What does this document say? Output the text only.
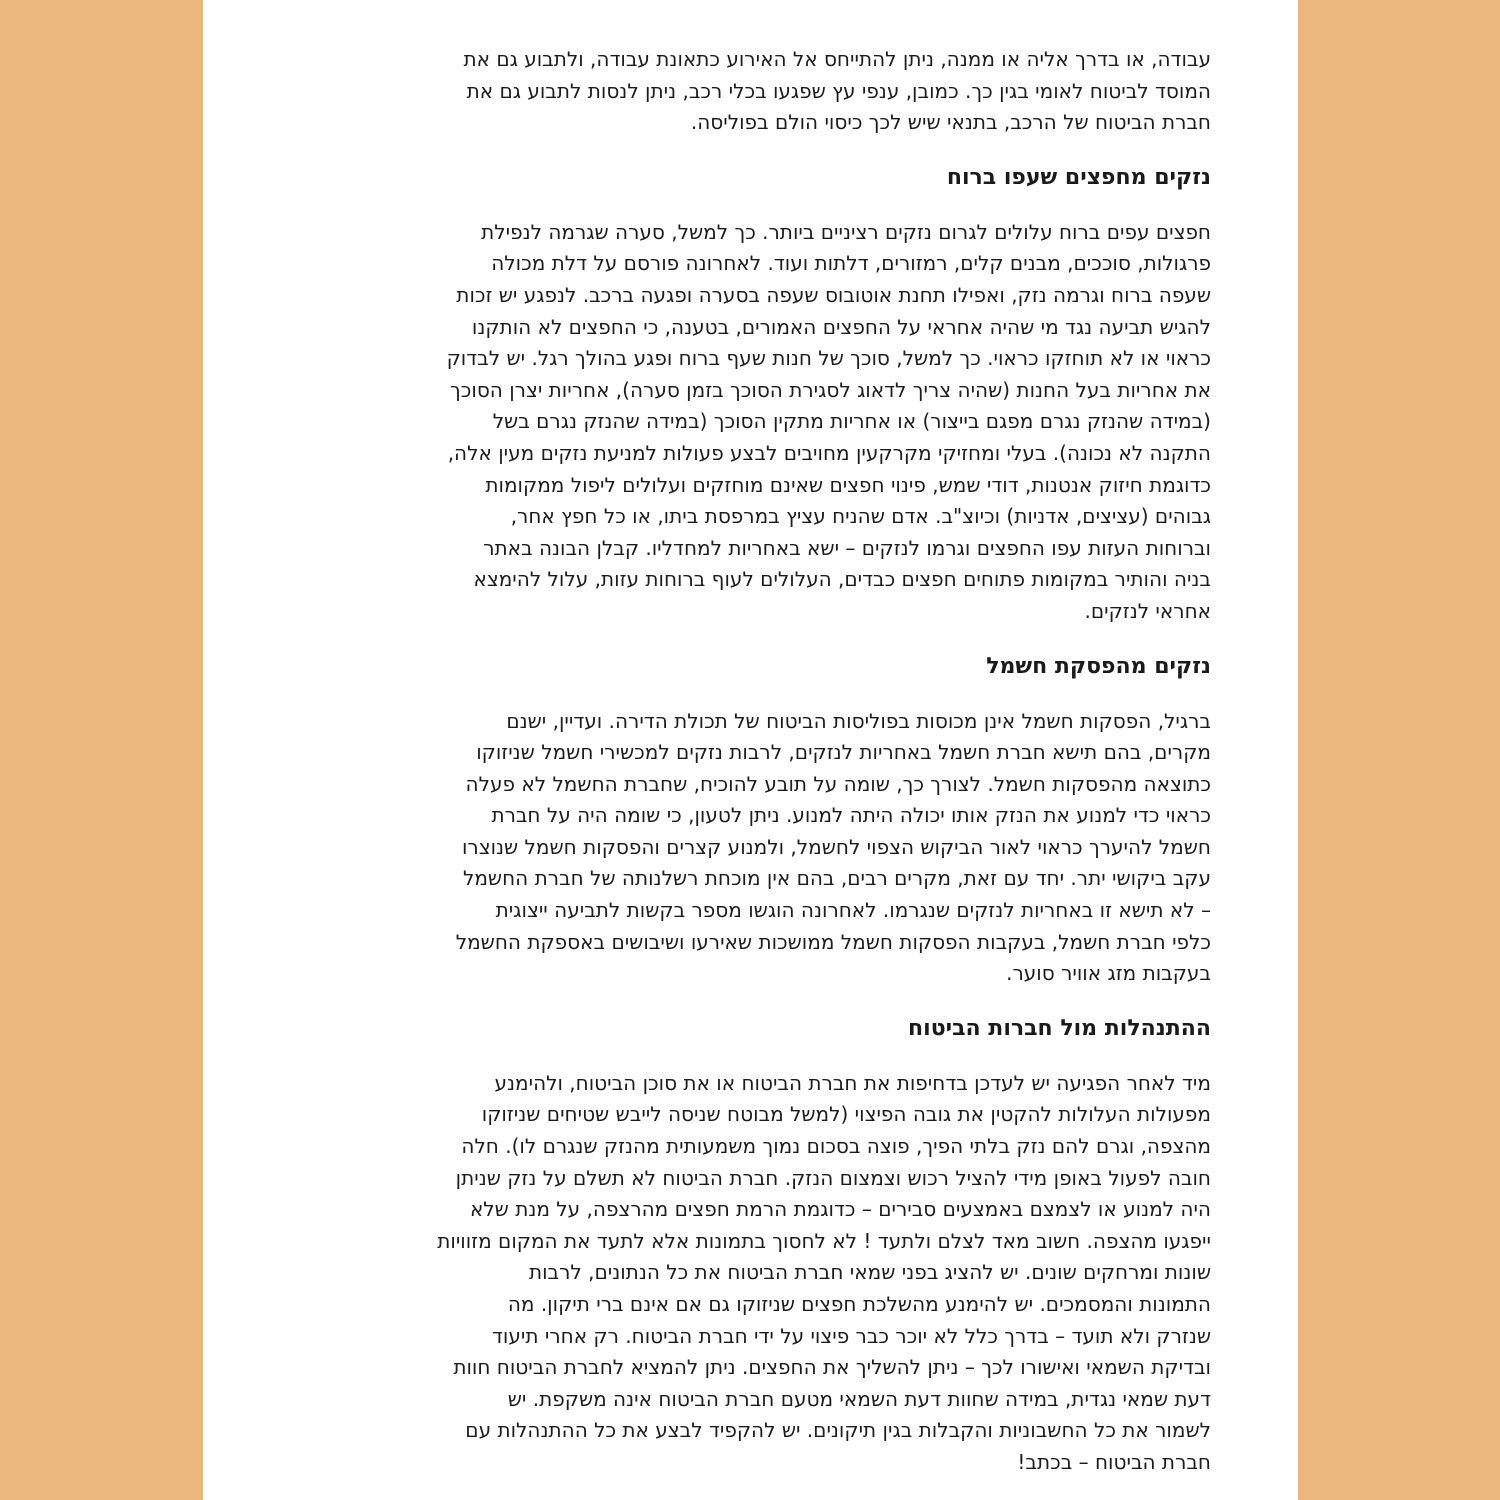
עבודה, או בדרך אליה או ממנה, ניתן להתייחס אל האירוע כתאונת עבודה, ולתבוע גם את
המוסד לביטוח לאומי בגין כך. כמובן, ענפי עץ שפגעו בכלי רכב, ניתן לנסות לתבוע גם את
חברת הביטוח של הרכב, בתנאי שיש לכך כיסוי הולם בפוליסה.

נזקים מחפצים שעפו ברוח

חפצים עפים ברוח עלולים לגרום נזקים רציניים ביותר. כך למשל, סערה שגרמה לנפילת
פרגולות, סוככים, מבנים קלים, רמזורים, דלתות ועוד. לאחרונה פורסם על דלת מכולה
שעפה ברוח וגרמה נזק, ואפילו תחנת אוטובוס שעפה בסערה ופגעה ברכב. לנפגע יש זכות
להגיש תביעה נגד מי שהיה אחראי על החפצים האמורים, בטענה, כי החפצים לא הותקנו
כראוי או לא תוחזקו כראוי. כך למשל, סוכך של חנות שעף ברוח ופגע בהולך רגל. יש לבדוק
את אחריות בעל החנות (שהיה צריך לדאוג לסגירת הסוכך בזמן סערה), אחריות יצרן הסוכך
(במידה שהנזק נגרם מפגם בייצור) או אחריות מתקין הסוכך (במידה שהנזק נגרם בשל
התקנה לא נכונה). בעלי ומחזיקי מקרקעין מחויבים לבצע פעולות למניעת נזקים מעין אלה,
כדוגמת חיזוק אנטנות, דודי שמש, פינוי חפצים שאינם מוחזקים ועלולים ליפול ממקומות
גבוהים (עציצים, אדניות) וכיוצ"ב. אדם שהניח עציץ במרפסת ביתו, או כל חפץ אחר,
וברוחות העזות עפו החפצים וגרמו לנזקים – ישא באחריות למחדליו. קבלן הבונה באתר
בניה והותיר במקומות פתוחים חפצים כבדים, העלולים לעוף ברוחות עזות, עלול להימצא
אחראי לנזקים.

נזקים מהפסקת חשמל

ברגיל, הפסקות חשמל אינן מכוסות בפוליסות הביטוח של תכולת הדירה. ועדיין, ישנם
מקרים, בהם תישא חברת חשמל באחריות לנזקים, לרבות נזקים למכשירי חשמל שניזוקו
כתוצאה מהפסקות חשמל. לצורך כך, שומה על תובע להוכיח, שחברת החשמל לא פעלה
כראוי כדי למנוע את הנזק אותו יכולה היתה למנוע. ניתן לטעון, כי שומה היה על חברת
חשמל להיערך כראוי לאור הביקוש הצפוי לחשמל, ולמנוע קצרים והפסקות חשמל שנוצרו
עקב ביקושי יתר. יחד עם זאת, מקרים רבים, בהם אין מוכחת רשלנותה של חברת החשמל
– לא תישא זו באחריות לנזקים שנגרמו. לאחרונה הוגשו מספר בקשות לתביעה ייצוגית
כלפי חברת חשמל, בעקבות הפסקות חשמל ממושכות שאירעו ושיבושים באספקת החשמל
בעקבות מזג אוויר סוער.

ההתנהלות מול חברות הביטוח

מיד לאחר הפגיעה יש לעדכן בדחיפות את חברת הביטוח או את סוכן הביטוח, ולהימנע
מפעולות העלולות להקטין את גובה הפיצוי (למשל מבוטח שניסה לייבש שטיחים שניזוקו
מהצפה, וגרם להם נזק בלתי הפיך, פוצה בסכום נמוך משמעותית מהנזק שנגרם לו). חלה
חובה לפעול באופן מידי להציל רכוש וצמצום הנזק. חברת הביטוח לא תשלם על נזק שניתן
היה למנוע או לצמצם באמצעים סבירים – כדוגמת הרמת חפצים מהרצפה, על מנת שלא
ייפגעו מהצפה. חשוב מאד לצלם ולתעד ! לא לחסוך בתמונות אלא לתעד את המקום מזוויות
שונות ומרחקים שונים. יש להציג בפני שמאי חברת הביטוח את כל הנתונים, לרבות
התמונות והמסמכים. יש להימנע מהשלכת חפצים שניזוקו גם אם אינם ברי תיקון. מה
שנזרק ולא תועד – בדרך כלל לא יוכר כבר פיצוי על ידי חברת הביטוח. רק אחרי תיעוד
ובדיקת השמאי ואישורו לכך – ניתן להשליך את החפצים. ניתן להמציא לחברת הביטוח חוות
דעת שמאי נגדית, במידה שחוות דעת השמאי מטעם חברת הביטוח אינה משקפת. יש
לשמור את כל החשבוניות והקבלות בגין תיקונים. יש להקפיד לבצע את כל ההתנהלות עם
חברת הביטוח – בכתב!
